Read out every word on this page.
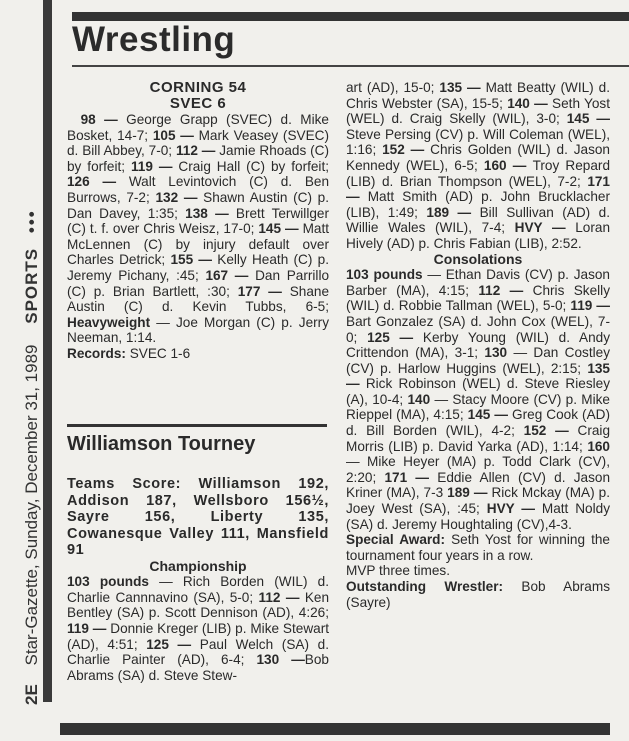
2E Star-Gazette, Sunday, December 31, 1989 SPORTS •••
Wrestling
CORNING 54
SVEC 6

98 — George Grapp (SVEC) d. Mike Bosket, 14-7; 105 — Mark Veasey (SVEC) d. Bill Abbey, 7-0; 112 — Jamie Rhoads (C) by forfeit; 119 — Craig Hall (C) by forfeit; 126 — Walt Levintovich (C) d. Ben Burrows, 7-2; 132 — Shawn Austin (C) p. Dan Davey, 1:35; 138 — Brett Terwillger (C) t. f. over Chris Weisz, 17-0; 145 — Matt McLennen (C) by injury default over Charles Detrick; 155 — Kelly Heath (C) p. Jeremy Pichany, :45; 167 — Dan Parrillo (C) p. Brian Bartlett, :30; 177 — Shane Austin (C) d. Kevin Tubbs, 6-5; Heavyweight — Joe Morgan (C) p. Jerry Neeman, 1:14.

Records: SVEC 1-6

Williamson Tourney
Teams Score: Williamson 192, Addison 187, Wellsboro 156½, Sayre 156, Liberty 135, Cowanesque Valley 111, Mansfield 91
Championship

103 pounds — Rich Borden (WIL) d. Charlie Cannnavino (SA), 5-0; 112 — Ken Bentley (SA) p. Scott Dennison (AD), 4:26; 119 — Donnie Kreger (LIB) p. Mike Stewart (AD), 4:51; 125 — Paul Welch (SA) d. Charlie Painter (AD), 6-4; 130 —Bob Abrams (SA) d. Steve Stew-

art (AD), 15-0; 135 — Matt Beatty (WIL) d. Chris Webster (SA), 15-5; 140 — Seth Yost (WEL) d. Craig Skelly (WIL), 3-0; 145 — Steve Persing (CV) p. Will Coleman (WEL), 1:16; 152 — Chris Golden (WIL) d. Jason Kennedy (WEL), 6-5; 160 — Troy Repard (LIB) d. Brian Thompson (WEL), 7-2; 171 — Matt Smith (AD) p. John Brucklacher (LIB), 1:49; 189 — Bill Sullivan (AD) d. Willie Wales (WIL), 7-4; HVY — Loran Hively (AD) p. Chris Fabian (LIB), 2:52.

Consolations

103 pounds — Ethan Davis (CV) p. Jason Barber (MA), 4:15; 112 — Chris Skelly (WIL) d. Robbie Tallman (WEL), 5-0; 119 — Bart Gonzalez (SA) d. John Cox (WEL), 7-0; 125 — Kerby Young (WIL) d. Andy Crittendon (MA), 3-1; 130 — Dan Costley (CV) p. Harlow Huggins (WEL), 2:15; 135 — Rick Robinson (WEL) d. Steve Riesley (A), 10-4; 140 — Stacy Moore (CV) p. Mike Rieppel (MA), 4:15; 145 — Greg Cook (AD) d. Bill Borden (WIL), 4-2; 152 — Craig Morris (LIB) p. David Yarka (AD), 1:14; 160 — Mike Heyer (MA) p. Todd Clark (CV), 2:20; 171 — Eddie Allen (CV) d. Jason Kriner (MA), 7-3 189 — Rick Mckay (MA) p. Joey West (SA), :45; HVY — Matt Noldy (SA) d. Jeremy Houghtaling (CV),4-3.

Special Award: Seth Yost for winning the tournament four years in a row.

MVP three times.

Outstanding Wrestler: Bob Abrams (Sayre)
